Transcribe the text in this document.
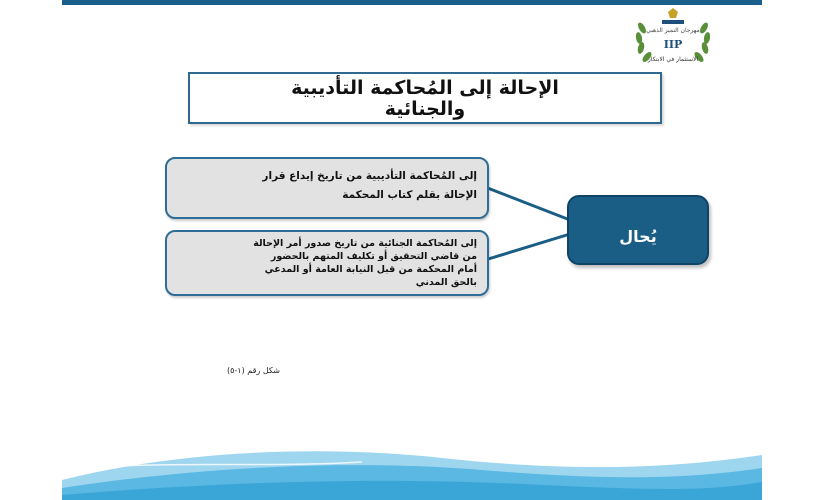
مهرجان التميز الذهبي
IIP
الاستثمار في الابتكار
الإحالة إلى المُحاكمة التأديبية
والجنائية

يُحال

الموظف

إلى المُحاكمة التأديبية من تاريخ إيداع قرار
الإحالة بقلم كتاب المحكمة
إلى المُحاكمة الجنائية من تاريخ صدور أمر الإحالة
من قاضي التحقيق أو تكليف المتهم بالحضور
أمام المحكمة من قبل النيابة العامة أو المدعي
بالحق المدني
شكل رقم (١-٥)
